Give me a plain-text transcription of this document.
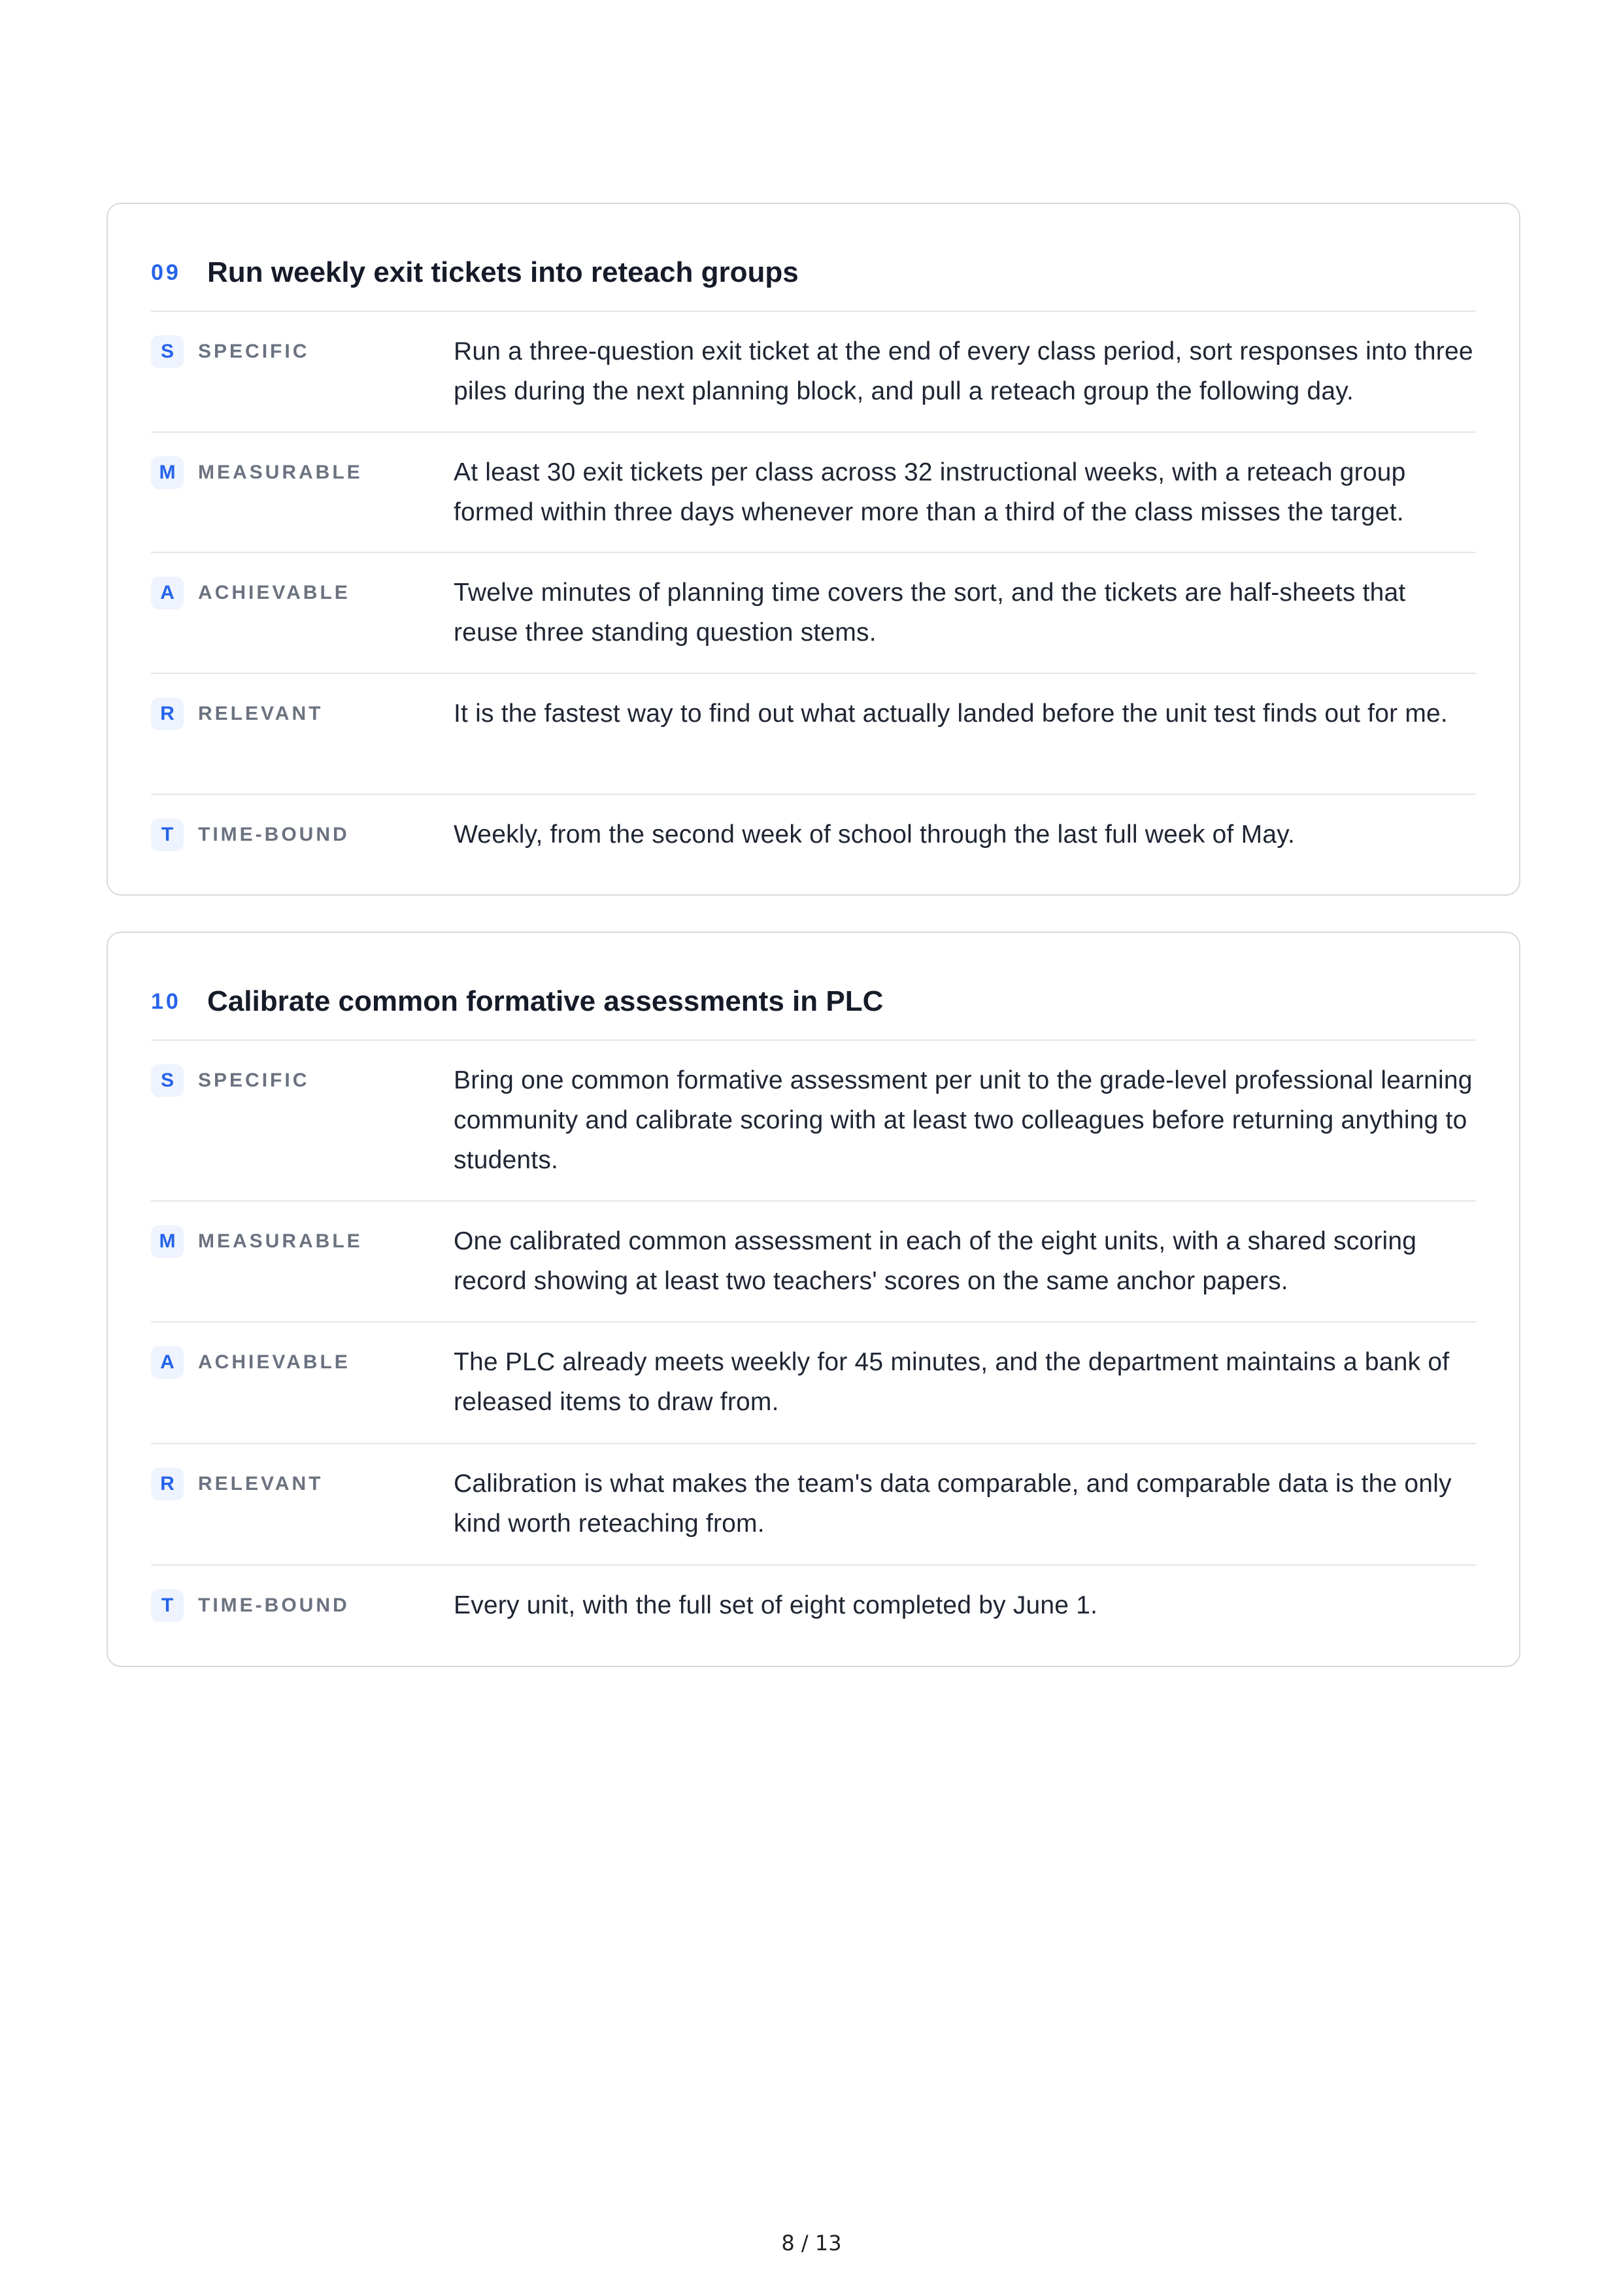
09 Run weekly exit tickets into reteach groups
S	SPECIFIC	Run a three-question exit ticket at the end of every class period, sort responses into three piles during the next planning block, and pull a reteach group the following day.
M	MEASURABLE	At least 30 exit tickets per class across 32 instructional weeks, with a reteach group formed within three days whenever more than a third of the class misses the target.
A	ACHIEVABLE	Twelve minutes of planning time covers the sort, and the tickets are half-sheets that reuse three standing question stems.
R	RELEVANT	It is the fastest way to find out what actually landed before the unit test finds out for me.
T	TIME-BOUND	Weekly, from the second week of school through the last full week of May.
10 Calibrate common formative assessments in PLC
S	SPECIFIC	Bring one common formative assessment per unit to the grade-level professional learning community and calibrate scoring with at least two colleagues before returning anything to students.
M	MEASURABLE	One calibrated common assessment in each of the eight units, with a shared scoring record showing at least two teachers' scores on the same anchor papers.
A	ACHIEVABLE	The PLC already meets weekly for 45 minutes, and the department maintains a bank of released items to draw from.
R	RELEVANT	Calibration is what makes the team's data comparable, and comparable data is the only kind worth reteaching from.
T	TIME-BOUND	Every unit, with the full set of eight completed by June 1.
8 / 13
